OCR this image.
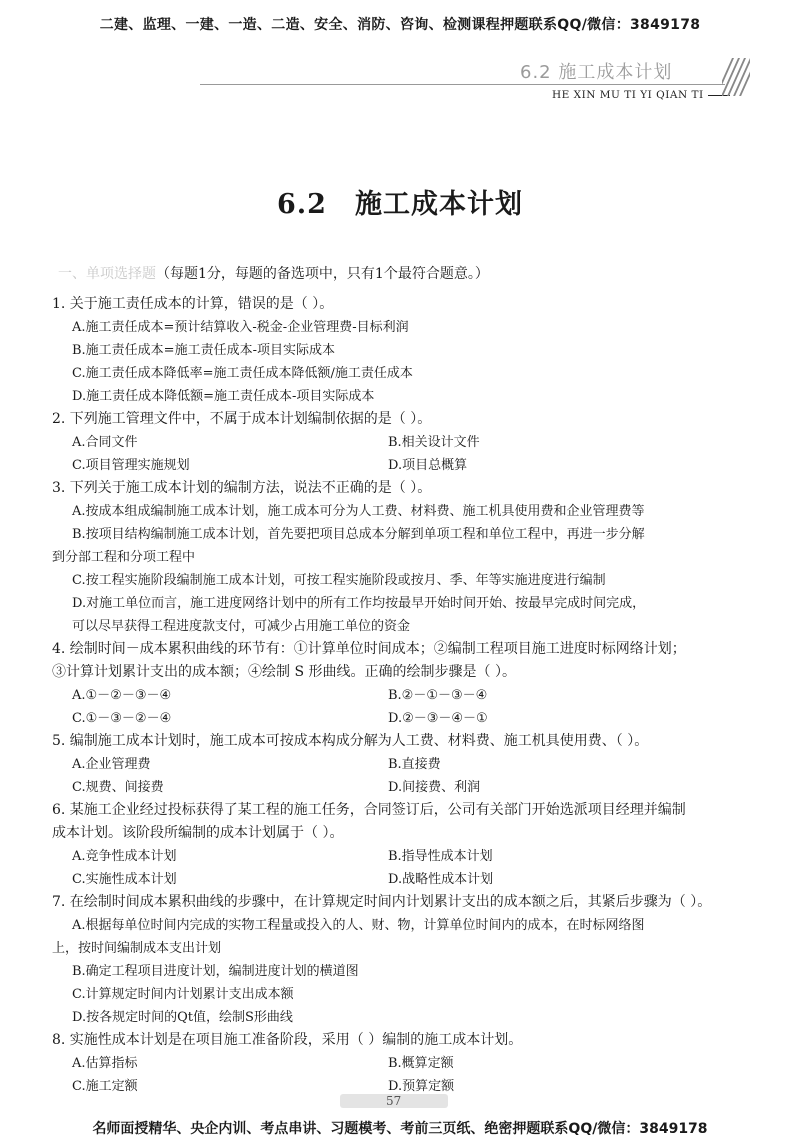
二建、监理、一建、一造、二造、安全、消防、咨询、检测课程押题联系QQ/微信：3849178
6.2 施工成本计划
HE XIN MU TI YI QIAN TI
6.2　施工成本计划
一、单项选择题（每题1分，每题的备选项中，只有1个最符合题意。）

1. 关于施工责任成本的计算，错误的是（ ）。

A.施工责任成本=预计结算收入-税金-企业管理费-目标利润

B.施工责任成本=施工责任成本-项目实际成本

C.施工责任成本降低率=施工责任成本降低额/施工责任成本

D.施工责任成本降低额=施工责任成本-项目实际成本

2. 下列施工管理文件中，不属于成本计划编制依据的是（ ）。

A.合同文件	B.相关设计文件
C.项目管理实施规划	D.项目总概算

3. 下列关于施工成本计划的编制方法，说法不正确的是（ ）。

A.按成本组成编制施工成本计划，施工成本可分为人工费、材料费、施工机具使用费和企业管理费等

B.按项目结构编制施工成本计划，首先要把项目总成本分解到单项工程和单位工程中，再进一步分解

到分部工程和分项工程中

C.按工程实施阶段编制施工成本计划，可按工程实施阶段或按月、季、年等实施进度进行编制

D.对施工单位而言，施工进度网络计划中的所有工作均按最早开始时间开始、按最早完成时间完成，

可以尽早获得工程进度款支付，可减少占用施工单位的资金

4. 绘制时间－成本累积曲线的环节有：①计算单位时间成本；②编制工程项目施工进度时标网络计划；

③计算计划累计支出的成本额；④绘制 S 形曲线。正确的绘制步骤是（ ）。

A.①－②－③－④	B.②－①－③－④
C.①－③－②－④	D.②－③－④－①

5. 编制施工成本计划时，施工成本可按成本构成分解为人工费、材料费、施工机具使用费、（ ）。

A.企业管理费	B.直接费
C.规费、间接费	D.间接费、利润

6. 某施工企业经过投标获得了某工程的施工任务，合同签订后，公司有关部门开始选派项目经理并编制

成本计划。该阶段所编制的成本计划属于（ ）。

A.竞争性成本计划	B.指导性成本计划
C.实施性成本计划	D.战略性成本计划

7. 在绘制时间成本累积曲线的步骤中，在计算规定时间内计划累计支出的成本额之后，其紧后步骤为（ ）。

A.根据每单位时间内完成的实物工程量或投入的人、财、物，计算单位时间内的成本，在时标网络图

上，按时间编制成本支出计划

B.确定工程项目进度计划，编制进度计划的横道图

C.计算规定时间内计划累计支出成本额

D.按各规定时间的Qt值，绘制S形曲线

8. 实施性成本计划是在项目施工准备阶段，采用（ ）编制的施工成本计划。

A.估算指标	B.概算定额
C.施工定额	D.预算定额
57
名师面授精华、央企内训、考点串讲、习题模考、考前三页纸、绝密押题联系QQ/微信：3849178
